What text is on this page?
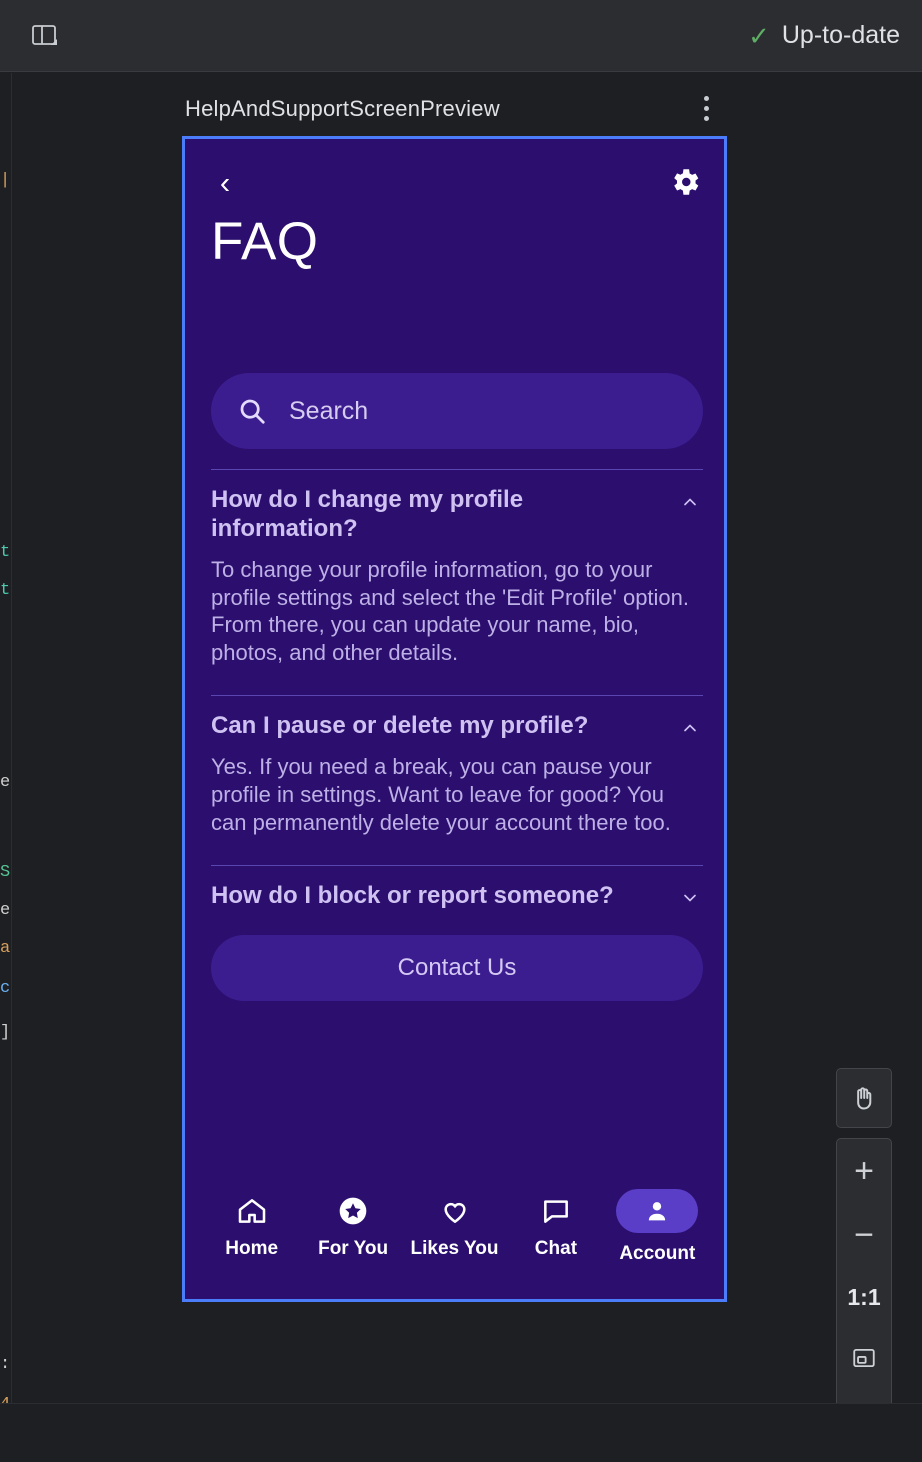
✓ Up-to-date
|
t
t
e
S
e
a
c
]
:
HelpAndSupportScreenPreview
‹
FAQ
Search
How do I change my profile information?
To change your profile information, go to your profile settings and select the 'Edit Profile' option. From there, you can update your name, bio, photos, and other details.
Can I pause or delete my profile?
Yes. If you need a break, you can pause your profile in settings. Want to leave for good? You can permanently delete your account there too.
How do I block or report someone?
Contact Us
Home For You Likes You Chat Account
+
−
1:1
